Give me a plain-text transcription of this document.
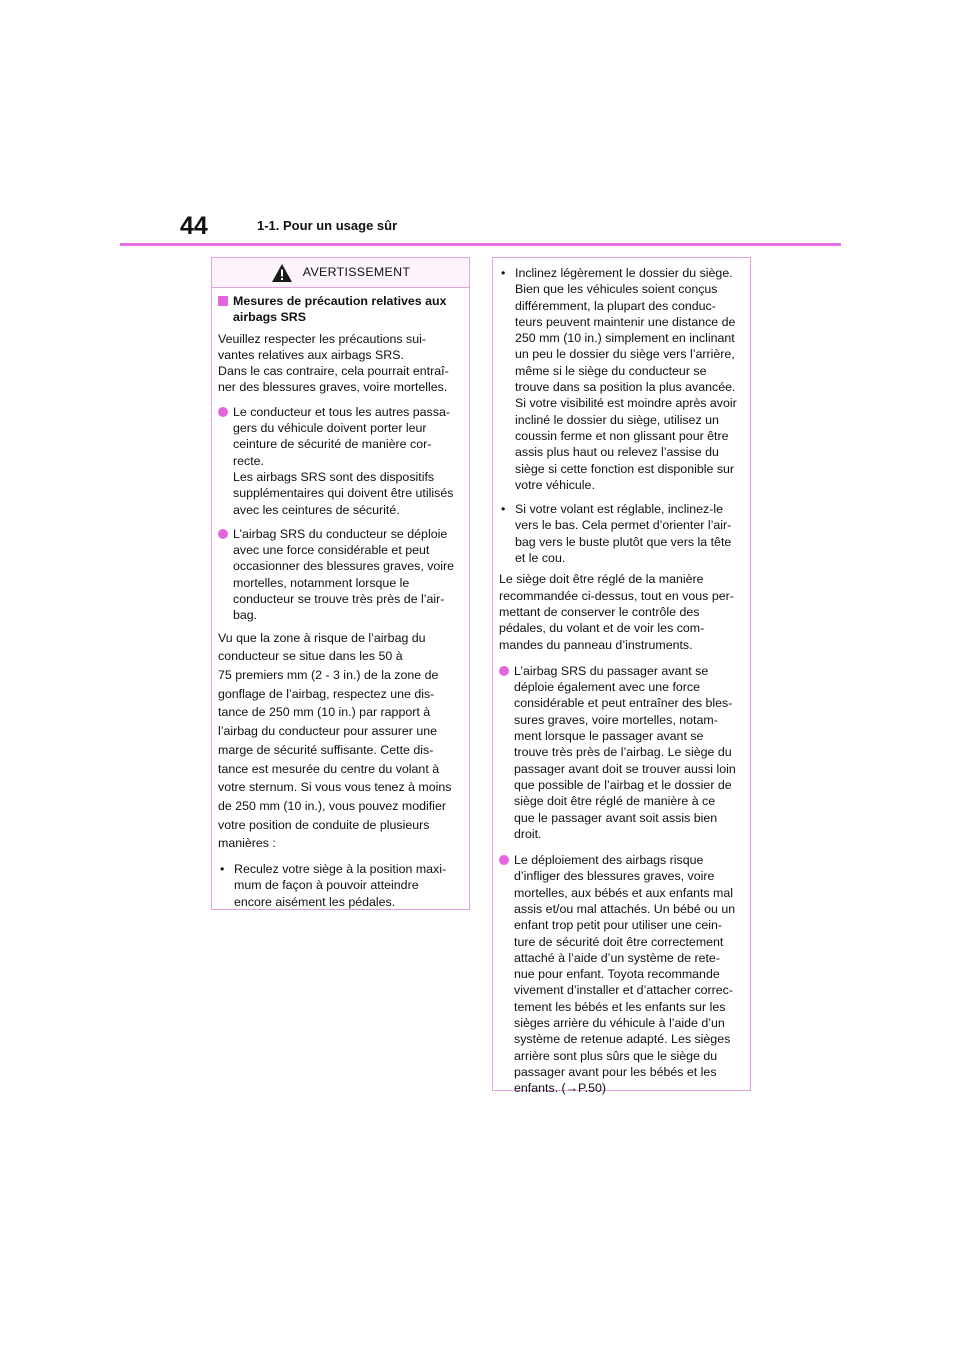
44	1-1. Pour un usage sûr
AVERTISSEMENT
Mesures de précaution relatives aux airbags SRS
Veuillez respecter les précautions sui-
vantes relatives aux airbags SRS.
Dans le cas contraire, cela pourrait entraî-
ner des blessures graves, voire mortelles.
Le conducteur et tous les autres passa-
gers du véhicule doivent porter leur
ceinture de sécurité de manière cor-
recte.
Les airbags SRS sont des dispositifs
supplémentaires qui doivent être utilisés
avec les ceintures de sécurité.
L’airbag SRS du conducteur se déploie
avec une force considérable et peut
occasionner des blessures graves, voire
mortelles, notamment lorsque le
conducteur se trouve très près de l’air-
bag.
Vu que la zone à risque de l’airbag du
conducteur se situe dans les 50 à
75 premiers mm (2 - 3 in.) de la zone de
gonflage de l’airbag, respectez une dis-
tance de 250 mm (10 in.) par rapport à
l’airbag du conducteur pour assurer une
marge de sécurité suffisante. Cette dis-
tance est mesurée du centre du volant à
votre sternum. Si vous vous tenez à moins
de 250 mm (10 in.), vous pouvez modifier
votre position de conduite de plusieurs
manières :
• Reculez votre siège à la position maxi-
mum de façon à pouvoir atteindre
encore aisément les pédales.
• Inclinez légèrement le dossier du siège.
Bien que les véhicules soient conçus
différemment, la plupart des conduc-
teurs peuvent maintenir une distance de
250 mm (10 in.) simplement en inclinant
un peu le dossier du siège vers l’arrière,
même si le siège du conducteur se
trouve dans sa position la plus avancée.
Si votre visibilité est moindre après avoir
incliné le dossier du siège, utilisez un
coussin ferme et non glissant pour être
assis plus haut ou relevez l’assise du
siège si cette fonction est disponible sur
votre véhicule.
• Si votre volant est réglable, inclinez-le
vers le bas. Cela permet d’orienter l’air-
bag vers le buste plutôt que vers la tête
et le cou.
Le siège doit être réglé de la manière
recommandée ci-dessus, tout en vous per-
mettant de conserver le contrôle des
pédales, du volant et de voir les com-
mandes du panneau d’instruments.
L’airbag SRS du passager avant se
déploie également avec une force
considérable et peut entraîner des bles-
sures graves, voire mortelles, notam-
ment lorsque le passager avant se
trouve très près de l’airbag. Le siège du
passager avant doit se trouver aussi loin
que possible de l’airbag et le dossier de
siège doit être réglé de manière à ce
que le passager avant soit assis bien
droit.
Le déploiement des airbags risque
d’infliger des blessures graves, voire
mortelles, aux bébés et aux enfants mal
assis et/ou mal attachés. Un bébé ou un
enfant trop petit pour utiliser une cein-
ture de sécurité doit être correctement
attaché à l’aide d’un système de rete-
nue pour enfant. Toyota recommande
vivement d’installer et d’attacher correc-
tement les bébés et les enfants sur les
sièges arrière du véhicule à l’aide d’un
système de retenue adapté. Les sièges
arrière sont plus sûrs que le siège du
passager avant pour les bébés et les
enfants. (→P.50)
